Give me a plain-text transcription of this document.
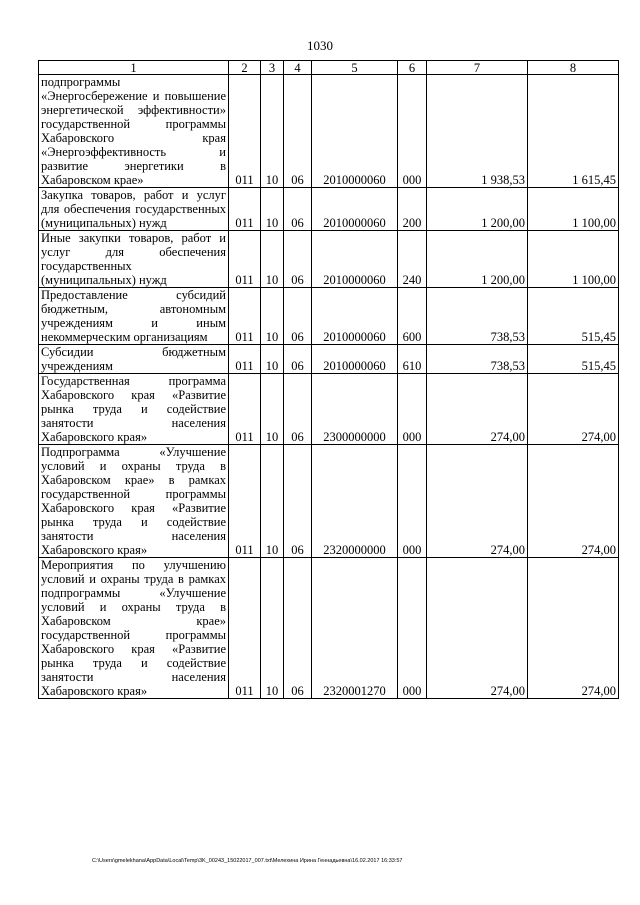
1030
1	2	3	4	5	6	7	8
подпрограммы «Энергосбережение и повышение энергетической эффективности» государственной программы Хабаровского края «Энергоэффективность и развитие энергетики в Хабаровском крае»	011	10	06	2010000060	000	1 938,53	1 615,45
Закупка товаров, работ и услуг для обеспечения государственных (муниципальных) нужд	011	10	06	2010000060	200	1 200,00	1 100,00
Иные закупки товаров, работ и услуг для обеспечения государственных (муниципальных) нужд	011	10	06	2010000060	240	1 200,00	1 100,00
Предоставление субсидий бюджетным, автономным учреждениям и иным некоммерческим организациям	011	10	06	2010000060	600	738,53	515,45
Субсидии бюджетным учреждениям	011	10	06	2010000060	610	738,53	515,45
Государственная программа Хабаровского края «Развитие рынка труда и содействие занятости населения Хабаровского края»	011	10	06	2300000000	000	274,00	274,00
Подпрограмма «Улучшение условий и охраны труда в Хабаровском крае» в рамках государственной программы Хабаровского края «Развитие рынка труда и содействие занятости населения Хабаровского края»	011	10	06	2320000000	000	274,00	274,00
Мероприятия по улучшению условий и охраны труда в рамках подпрограммы «Улучшение условий и охраны труда в Хабаровском крае» государственной программы Хабаровского края «Развитие рынка труда и содействие занятости населения Хабаровского края»	011	10	06	2320001270	000	274,00	274,00
C:\Users\gmelekhana\AppData\Local\Temp\3K_00243_15022017_007.txt\Мелехина Ирина Геннадьевна\16.02.2017 16:33:57
